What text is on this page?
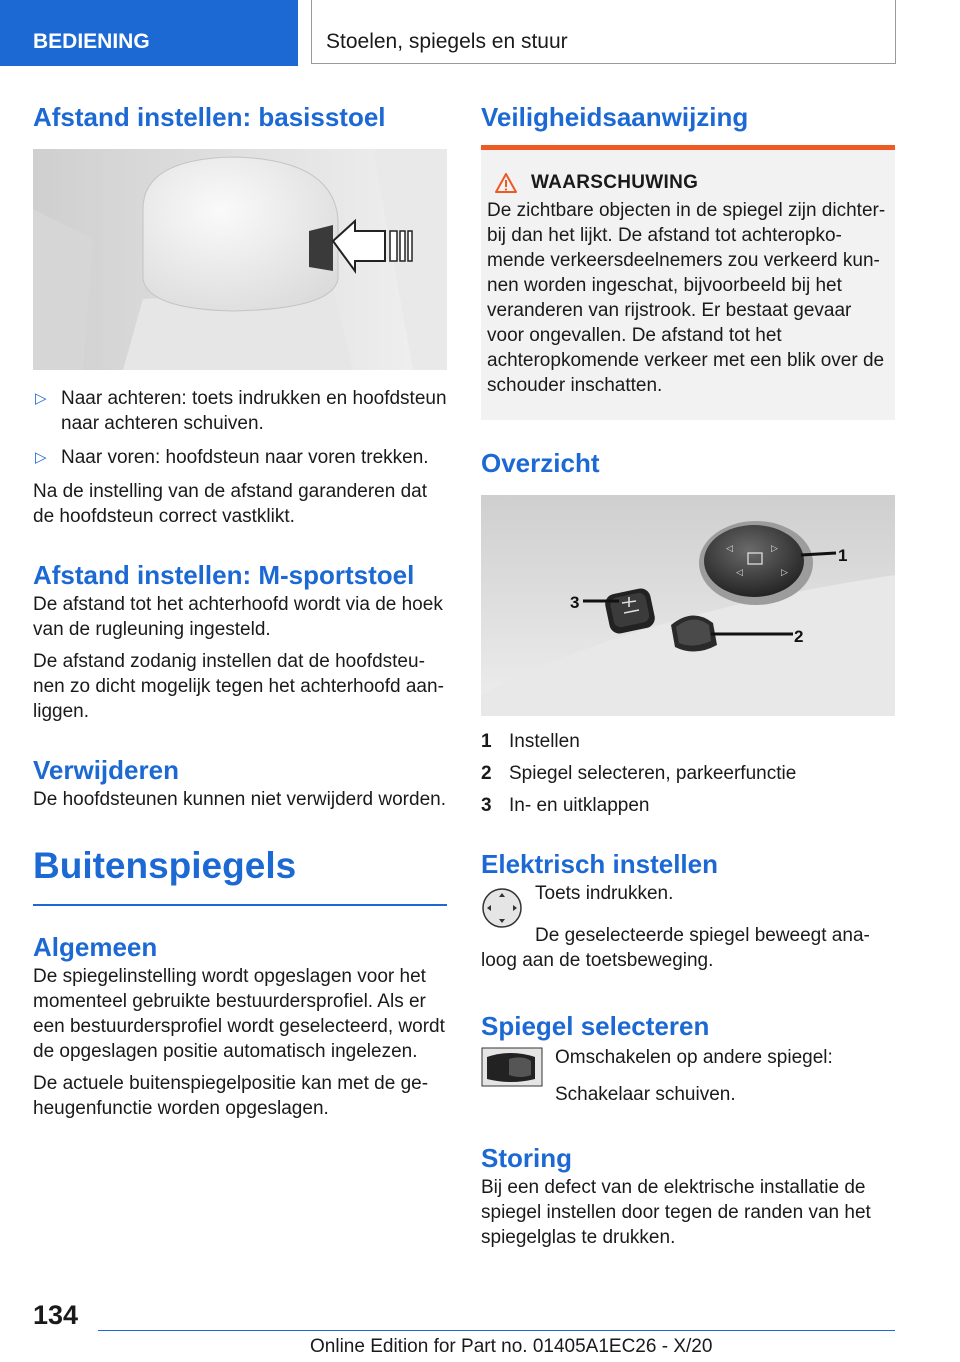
BEDIENING	Stoelen, spiegels en stuur
Afstand instellen: basisstoel
▷ Naar achteren: toets indrukken en hoofdsteun naar achteren schuiven.
▷ Naar voren: hoofdsteun naar voren trekken.

Na de instelling van de afstand garanderen dat de hoofdsteun correct vastklikt.

Afstand instellen: M-sportstoel

De afstand tot het achterhoofd wordt via de hoek van de rugleuning ingesteld.

De afstand zodanig instellen dat de hoofdsteunen zo dicht mogelijk tegen het achterhoofd aanliggen.

Verwijderen

De hoofdsteunen kunnen niet verwijderd worden.

Buitenspiegels
Algemeen

De spiegelinstelling wordt opgeslagen voor het momenteel gebruikte bestuurdersprofiel. Als er een bestuurdersprofiel wordt geselecteerd, wordt de opgeslagen positie automatisch ingelezen.

De actuele buitenspiegelpositie kan met de geheugenfunctie worden opgeslagen.

Veiligheidsaanwijzing
WAARSCHUWING

De zichtbare objecten in de spiegel zijn dichterbij dan het lijkt. De afstand tot achteropkomende verkeersdeelnemers zou verkeerd kunnen worden ingeschat, bijvoorbeeld bij het veranderen van rijstrook. Er bestaat gevaar voor ongevallen. De afstand tot het achteropkomende verkeer met een blik over de schouder inschatten.

Overzicht
◁	▷
◁	▷
1
2
3
1 Instellen
2 Spiegel selecteren, parkeerfunctie
3 In- en uitklappen
Elektrisch instellen

Toets indrukken.

De geselecteerde spiegel beweegt analoog aan de toetsbeweging.

Spiegel selecteren

Omschakelen op andere spiegel:

Schakelaar schuiven.

Storing

Bij een defect van de elektrische installatie de spiegel instellen door tegen de randen van het spiegelglas te drukken.

134
Online Edition for Part no. 01405A1EC26 - X/20
